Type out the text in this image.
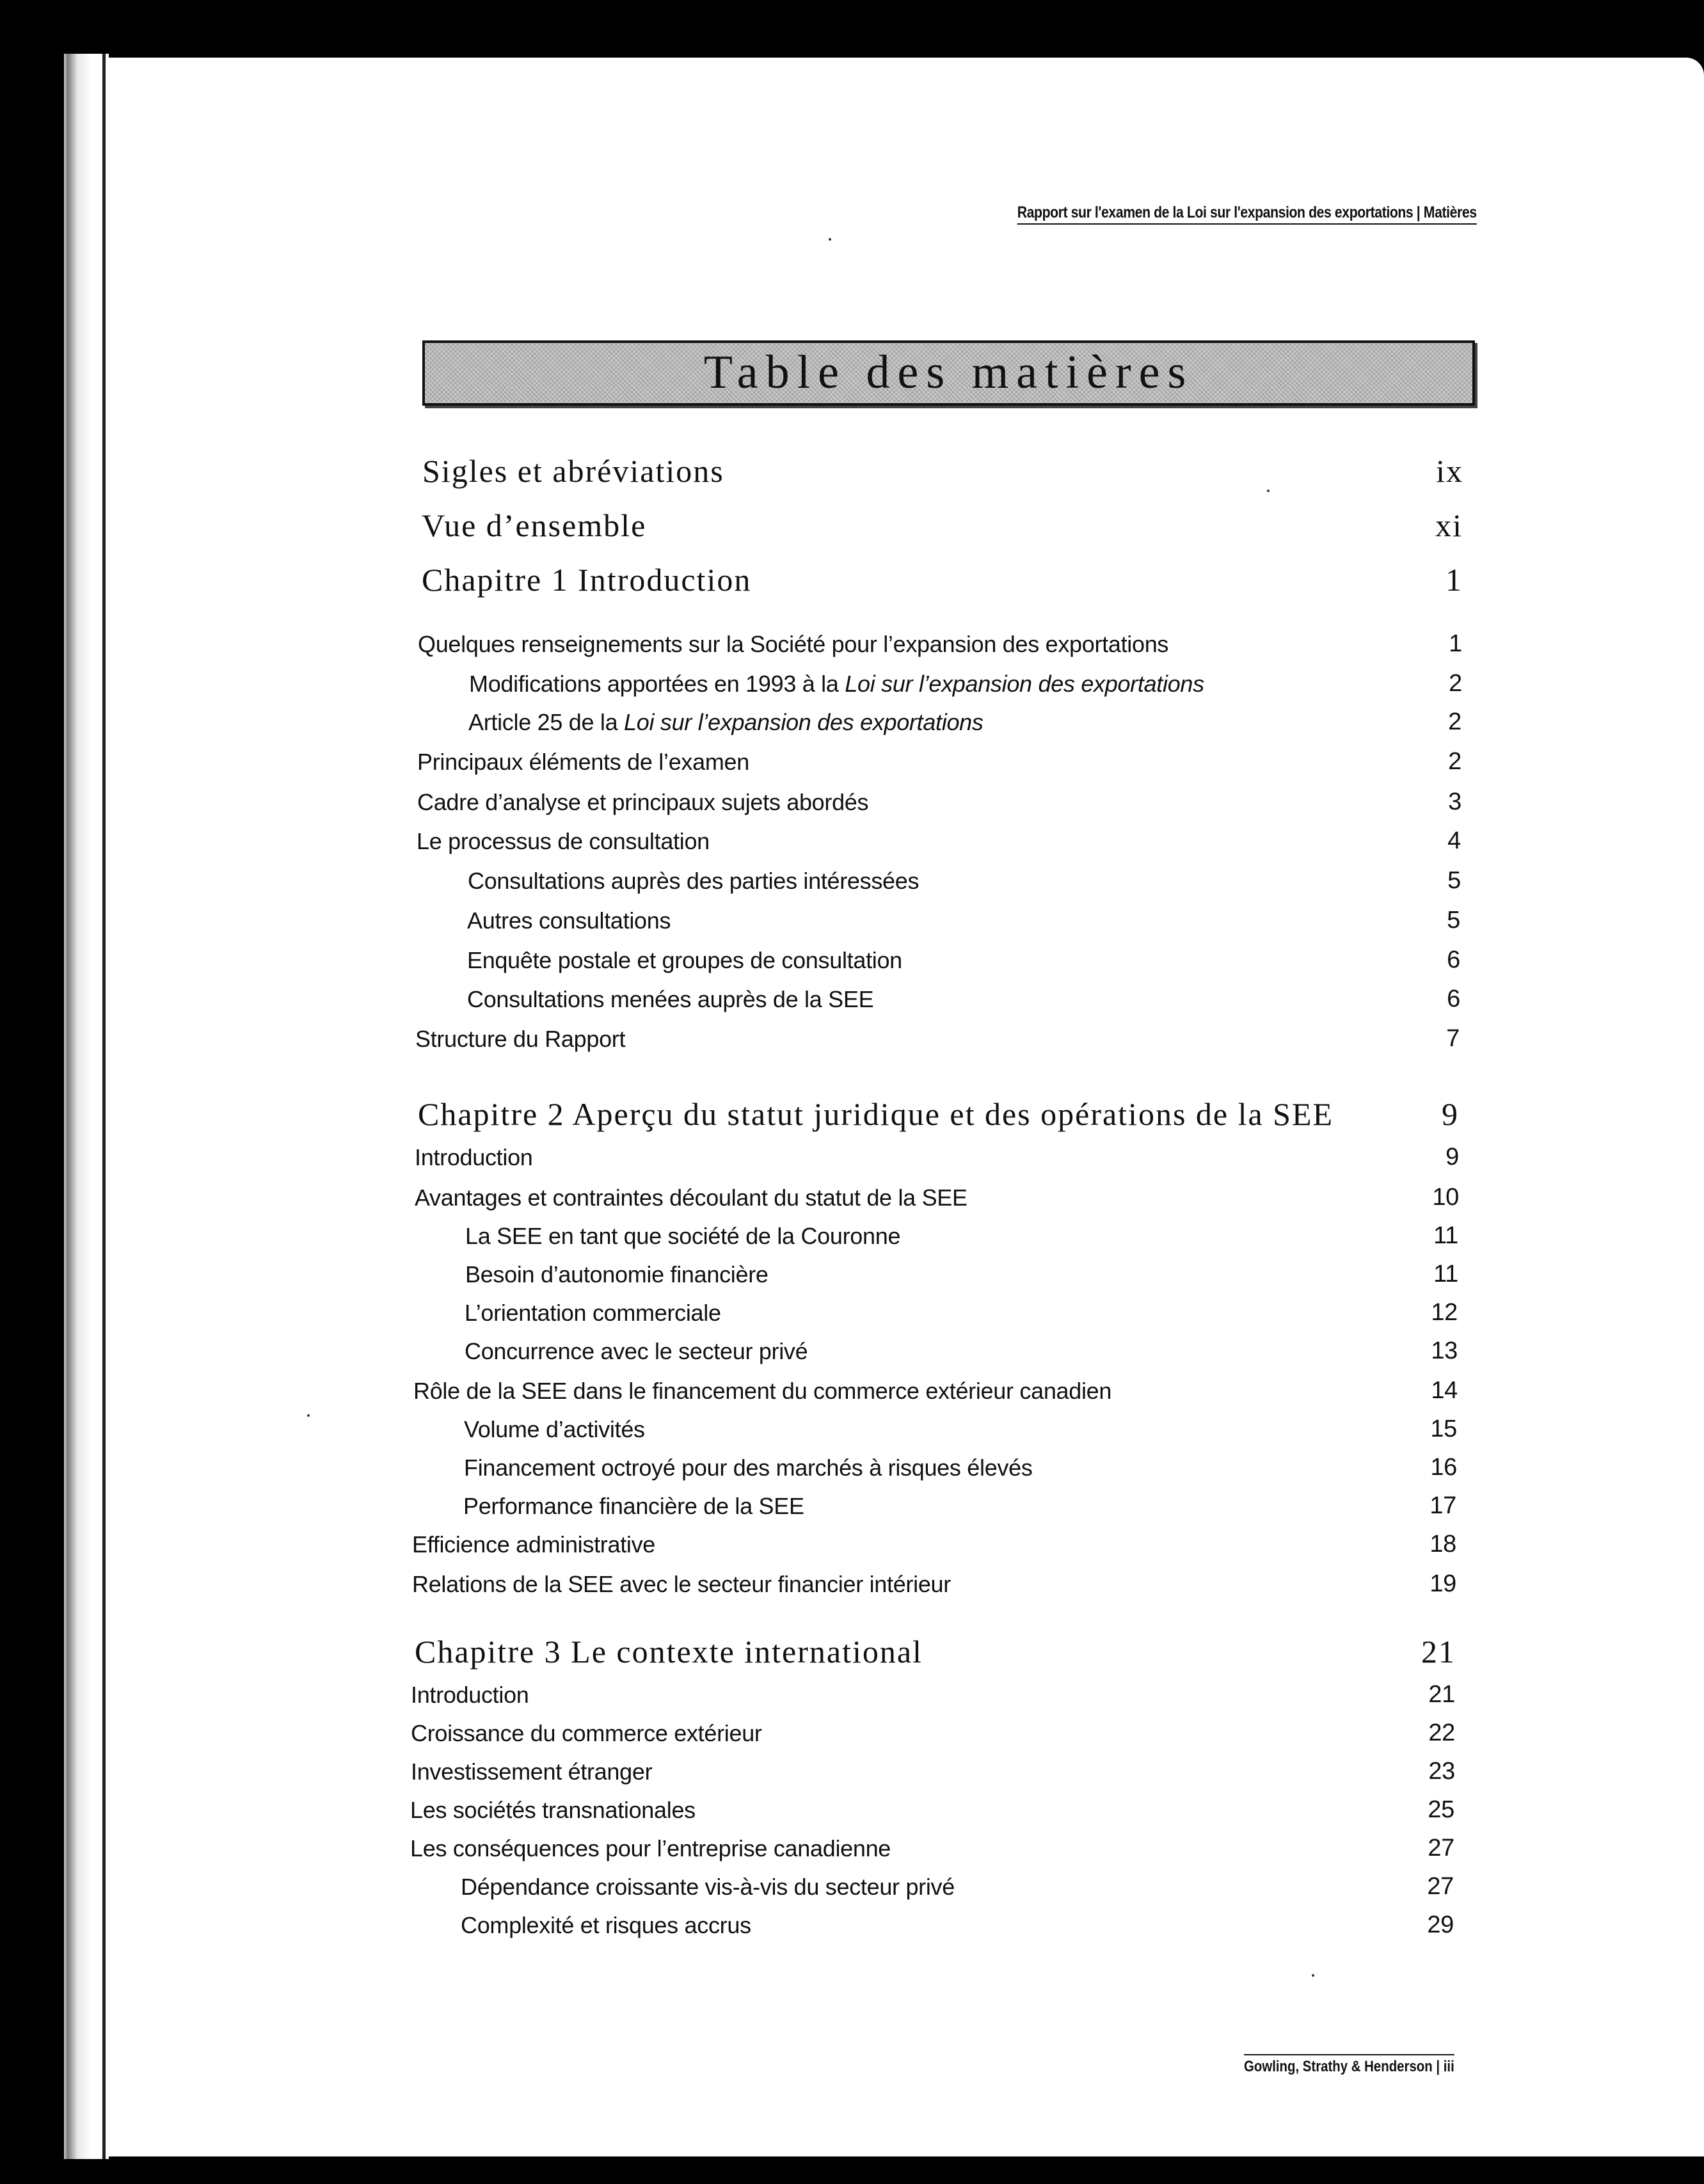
Rapport sur l'examen de la Loi sur l'expansion des exportations | Matières
Table des matières
Sigles et abréviations	ix
Vue d’ensemble	xi
Chapitre 1 Introduction	1
Quelques renseignements sur la Société pour l’expansion des exportations	1
Modifications apportées en 1993 à la Loi sur l’expansion des exportations	2
Article 25 de la Loi sur l’expansion des exportations	2
Principaux éléments de l’examen	2
Cadre d’analyse et principaux sujets abordés	3
Le processus de consultation	4
Consultations auprès des parties intéressées	5
Autres consultations	5
Enquête postale et groupes de consultation	6
Consultations menées auprès de la SEE	6
Structure du Rapport	7
Chapitre 2 Aperçu du statut juridique et des opérations de la SEE	9
Introduction	9
Avantages et contraintes découlant du statut de la SEE	10
La SEE en tant que société de la Couronne	11
Besoin d’autonomie financière	11
L’orientation commerciale	12
Concurrence avec le secteur privé	13
Rôle de la SEE dans le financement du commerce extérieur canadien	14
Volume d’activités	15
Financement octroyé pour des marchés à risques élevés	16
Performance financière de la SEE	17
Efficience administrative	18
Relations de la SEE avec le secteur financier intérieur	19
Chapitre 3 Le contexte international	21
Introduction	21
Croissance du commerce extérieur	22
Investissement étranger	23
Les sociétés transnationales	25
Les conséquences pour l’entreprise canadienne	27
Dépendance croissante vis-à-vis du secteur privé	27
Complexité et risques accrus	29
Gowling, Strathy & Henderson | iii
